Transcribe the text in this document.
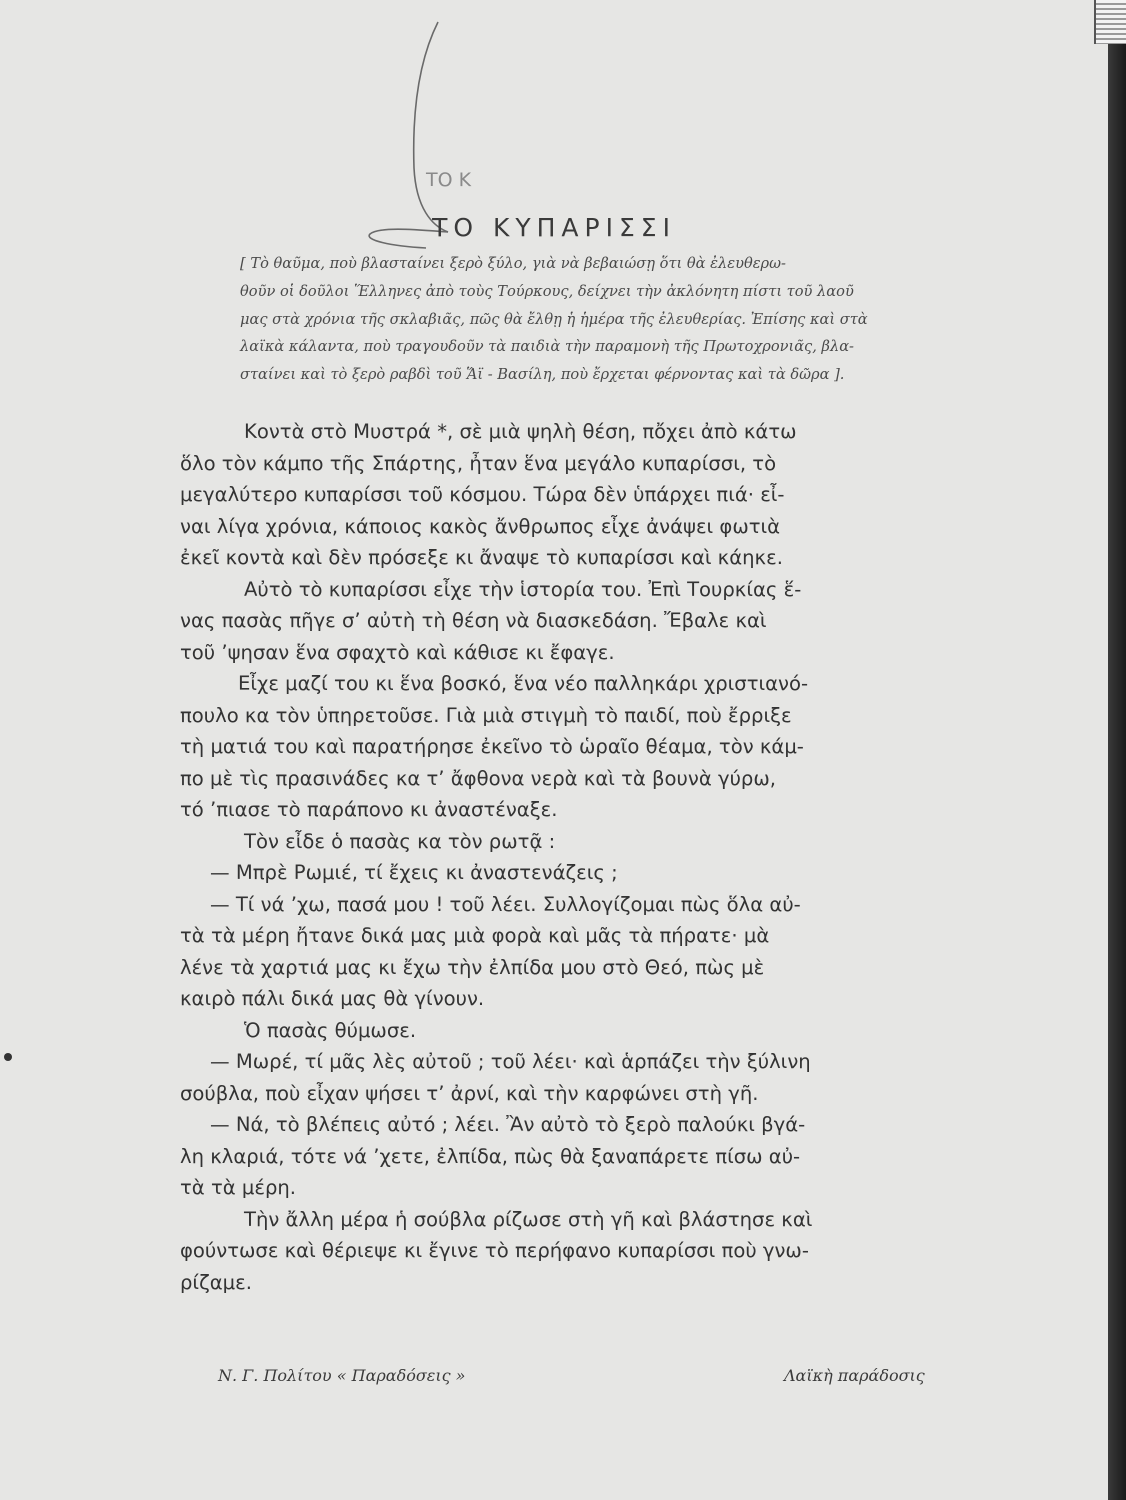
ΤΟ Κ
ΤΟ ΚΥΠΑΡΙΣΣΙ
[ Τὸ θαῦμα, ποὺ βλασταίνει ξερὸ ξύλο, γιὰ νὰ βεβαιώσῃ ὅτι θὰ ἐλευθερω-
θοῦν οἱ δοῦλοι Ἕλληνες ἀπὸ τοὺς Τούρκους, δείχνει τὴν ἀκλόνητη πίστι τοῦ λαοῦ
μας στὰ χρόνια τῆς σκλαβιᾶς, πῶς θὰ ἔλθῃ ἡ ἡμέρα τῆς ἐλευθερίας. Ἐπίσης καὶ στὰ
λαϊκὰ κάλαντα, ποὺ τραγουδοῦν τὰ παιδιὰ τὴν παραμονὴ τῆς Πρωτοχρονιᾶς, βλα-
σταίνει καὶ τὸ ξερὸ ραβδὶ τοῦ Ἅϊ - Βασίλη, ποὺ ἔρχεται φέρνοντας καὶ τὰ δῶρα ].
Κοντὰ στὸ Μυστρά *, σὲ μιὰ ψηλὴ θέση, πὄχει ἀπὸ κάτω
ὅλο τὸν κάμπο τῆς Σπάρτης, ἦταν ἕνα μεγάλο κυπαρίσσι, τὸ
μεγαλύτερο κυπαρίσσι τοῦ κόσμου. Τώρα δὲν ὑπάρχει πιά· εἶ-
ναι λίγα χρόνια, κάποιος κακὸς ἄνθρωπος εἶχε ἀνάψει φωτιὰ
ἐκεῖ κοντὰ καὶ δὲν πρόσεξε κι ἄναψε τὸ κυπαρίσσι καὶ κάηκε.
Αὐτὸ τὸ κυπαρίσσι εἶχε τὴν ἱστορία του. Ἐπὶ Τουρκίας ἕ-
νας πασὰς πῆγε σ’ αὐτὴ τὴ θέση νὰ διασκεδάση. Ἔβαλε καὶ
τοῦ ’ψησαν ἕνα σφαχτὸ καὶ κάθισε κι ἔφαγε.
Εἶχε μαζί του κι ἕνα βοσκό, ἕνα νέο παλληκάρι χριστιανό-
πουλο κα τὸν ὑπηρετοῦσε. Γιὰ μιὰ στιγμὴ τὸ παιδί, ποὺ ἔρριξε
τὴ ματιά του καὶ παρατήρησε ἐκεῖνο τὸ ὡραῖο θέαμα, τὸν κάμ-
πο μὲ τὶς πρασινάδες κα τ’ ἄφθονα νερὰ καὶ τὰ βουνὰ γύρω,
τό ’πιασε τὸ παράπονο κι ἀναστέναξε.
Τὸν εἶδε ὁ πασὰς κα τὸν ρωτᾷ :
— Μπρὲ Ρωμιέ, τί ἔχεις κι ἀναστενάζεις ;
— Τί νά ’χω, πασά μου ! τοῦ λέει. Συλλογίζομαι πὼς ὅλα αὐ-
τὰ τὰ μέρη ἤτανε δικά μας μιὰ φορὰ καὶ μᾶς τὰ πήρατε· μὰ
λένε τὰ χαρτιά μας κι ἔχω τὴν ἐλπίδα μου στὸ Θεό, πὼς μὲ
καιρὸ πάλι δικά μας θὰ γίνουν.
Ὁ πασὰς θύμωσε.
— Μωρέ, τί μᾶς λὲς αὐτοῦ ; τοῦ λέει· καὶ ἁρπάζει τὴν ξύλινη
σούβλα, ποὺ εἶχαν ψήσει τ’ ἀρνί, καὶ τὴν καρφώνει στὴ γῆ.
— Νά, τὸ βλέπεις αὐτό ; λέει. Ἂν αὐτὸ τὸ ξερὸ παλούκι βγά-
λη κλαριά, τότε νά ’χετε, ἐλπίδα, πὼς θὰ ξαναπάρετε πίσω αὐ-
τὰ τὰ μέρη.
Τὴν ἄλλη μέρα ἡ σούβλα ρίζωσε στὴ γῆ καὶ βλάστησε καὶ
φούντωσε καὶ θέριεψε κι ἔγινε τὸ περήφανο κυπαρίσσι ποὺ γνω-
ρίζαμε.
Ν. Γ. Πολίτου « Παραδόσεις »	Λαϊκὴ παράδοσις
